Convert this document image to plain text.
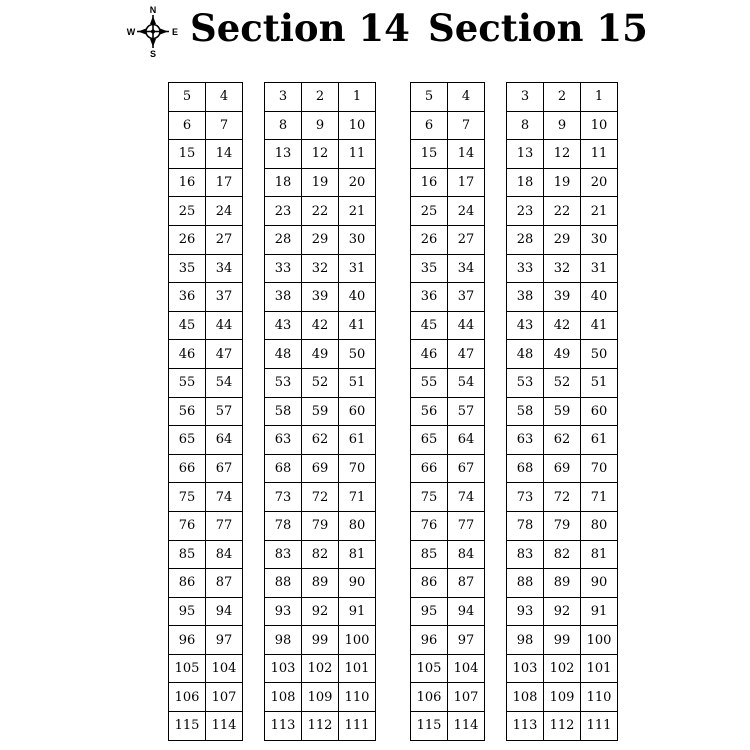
N
S
W	E Section 14 Section 15
5	4
6	7
15	14
16	17
25	24
26	27
35	34
36	37
45	44
46	47
55	54
56	57
65	64
66	67
75	74
76	77
85	84
86	87
95	94
96	97
105	104
106	107
115	114
3	2	1
8	9	10
13	12	11
18	19	20
23	22	21
28	29	30
33	32	31
38	39	40
43	42	41
48	49	50
53	52	51
58	59	60
63	62	61
68	69	70
73	72	71
78	79	80
83	82	81
88	89	90
93	92	91
98	99	100
103	102	101
108	109	110
113	112	111
5	4
6	7
15	14
16	17
25	24
26	27
35	34
36	37
45	44
46	47
55	54
56	57
65	64
66	67
75	74
76	77
85	84
86	87
95	94
96	97
105	104
106	107
115	114
3	2	1
8	9	10
13	12	11
18	19	20
23	22	21
28	29	30
33	32	31
38	39	40
43	42	41
48	49	50
53	52	51
58	59	60
63	62	61
68	69	70
73	72	71
78	79	80
83	82	81
88	89	90
93	92	91
98	99	100
103	102	101
108	109	110
113	112	111
